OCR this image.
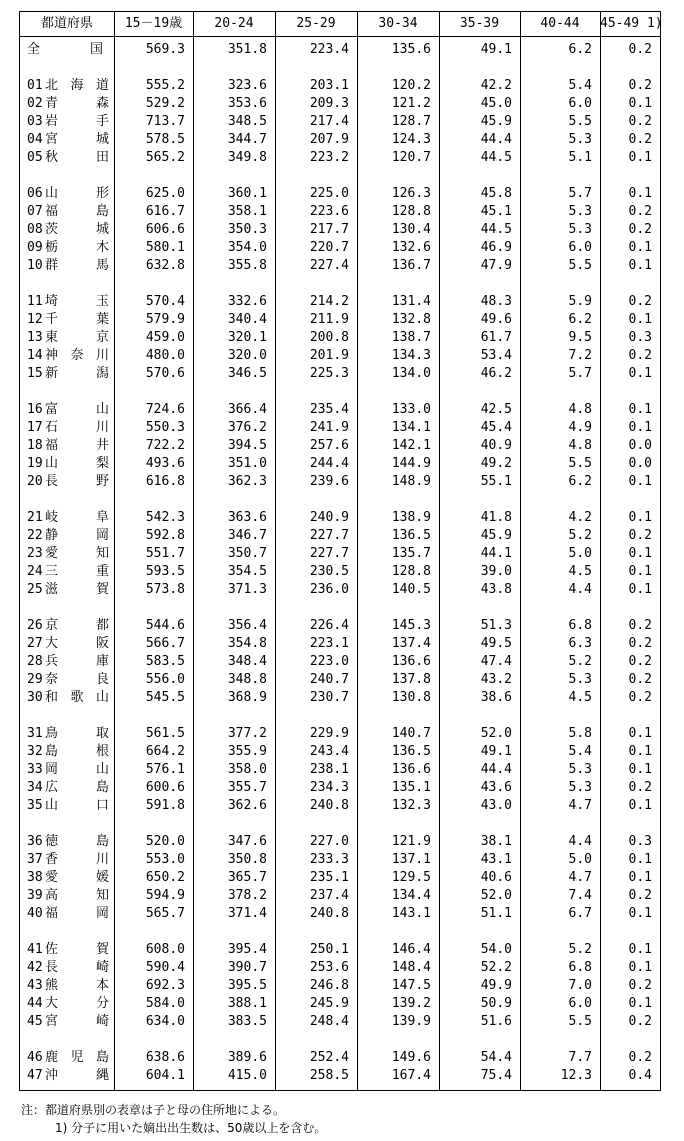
都道府県	15－19歳	20-24	25-29	30-34	35-39	40-44	45-49 1)
全　国	569.3	351.8	223.4	135.6	49.1	6.2	0.2
01 北海道	555.2	323.6	203.1	120.2	42.2	5.4	0.2
02 青森	529.2	353.6	209.3	121.2	45.0	6.0	0.1
03 岩手	713.7	348.5	217.4	128.7	45.9	5.5	0.2
04 宮城	578.5	344.7	207.9	124.3	44.4	5.3	0.2
05 秋田	565.2	349.8	223.2	120.7	44.5	5.1	0.1
06 山形	625.0	360.1	225.0	126.3	45.8	5.7	0.1
07 福島	616.7	358.1	223.6	128.8	45.1	5.3	0.2
08 茨城	606.6	350.3	217.7	130.4	44.5	5.3	0.2
09 栃木	580.1	354.0	220.7	132.6	46.9	6.0	0.1
10 群馬	632.8	355.8	227.4	136.7	47.9	5.5	0.1
11 埼玉	570.4	332.6	214.2	131.4	48.3	5.9	0.2
12 千葉	579.9	340.4	211.9	132.8	49.6	6.2	0.1
13 東京	459.0	320.1	200.8	138.7	61.7	9.5	0.3
14 神奈川	480.0	320.0	201.9	134.3	53.4	7.2	0.2
15 新潟	570.6	346.5	225.3	134.0	46.2	5.7	0.1
16 富山	724.6	366.4	235.4	133.0	42.5	4.8	0.1
17 石川	550.3	376.2	241.9	134.1	45.4	4.9	0.1
18 福井	722.2	394.5	257.6	142.1	40.9	4.8	0.0
19 山梨	493.6	351.0	244.4	144.9	49.2	5.5	0.0
20 長野	616.8	362.3	239.6	148.9	55.1	6.2	0.1
21 岐阜	542.3	363.6	240.9	138.9	41.8	4.2	0.1
22 静岡	592.8	346.7	227.7	136.5	45.9	5.2	0.2
23 愛知	551.7	350.7	227.7	135.7	44.1	5.0	0.1
24 三重	593.5	354.5	230.5	128.8	39.0	4.5	0.1
25 滋賀	573.8	371.3	236.0	140.5	43.8	4.4	0.1
26 京都	544.6	356.4	226.4	145.3	51.3	6.8	0.2
27 大阪	566.7	354.8	223.1	137.4	49.5	6.3	0.2
28 兵庫	583.5	348.4	223.0	136.6	47.4	5.2	0.2
29 奈良	556.0	348.8	240.7	137.8	43.2	5.3	0.2
30 和歌山	545.5	368.9	230.7	130.8	38.6	4.5	0.2
31 鳥取	561.5	377.2	229.9	140.7	52.0	5.8	0.1
32 島根	664.2	355.9	243.4	136.5	49.1	5.4	0.1
33 岡山	576.1	358.0	238.1	136.6	44.4	5.3	0.1
34 広島	600.6	355.7	234.3	135.1	43.6	5.3	0.2
35 山口	591.8	362.6	240.8	132.3	43.0	4.7	0.1
36 徳島	520.0	347.6	227.0	121.9	38.1	4.4	0.3
37 香川	553.0	350.8	233.3	137.1	43.1	5.0	0.1
38 愛媛	650.2	365.7	235.1	129.5	40.6	4.7	0.1
39 高知	594.9	378.2	237.4	134.4	52.0	7.4	0.2
40 福岡	565.7	371.4	240.8	143.1	51.1	6.7	0.1
41 佐賀	608.0	395.4	250.1	146.4	54.0	5.2	0.1
42 長崎	590.4	390.7	253.6	148.4	52.2	6.8	0.1
43 熊本	692.3	395.5	246.8	147.5	49.9	7.0	0.2
44 大分	584.0	388.1	245.9	139.2	50.9	6.0	0.1
45 宮崎	634.0	383.5	248.4	139.9	51.6	5.5	0.2
46 鹿児島	638.6	389.6	252.4	149.6	54.4	7.7	0.2
47 沖縄	604.1	415.0	258.5	167.4	75.4	12.3	0.4
注：都道府県別の表章は子と母の住所地による。
1) 分子に用いた嫡出出生数は、50歳以上を含む。
